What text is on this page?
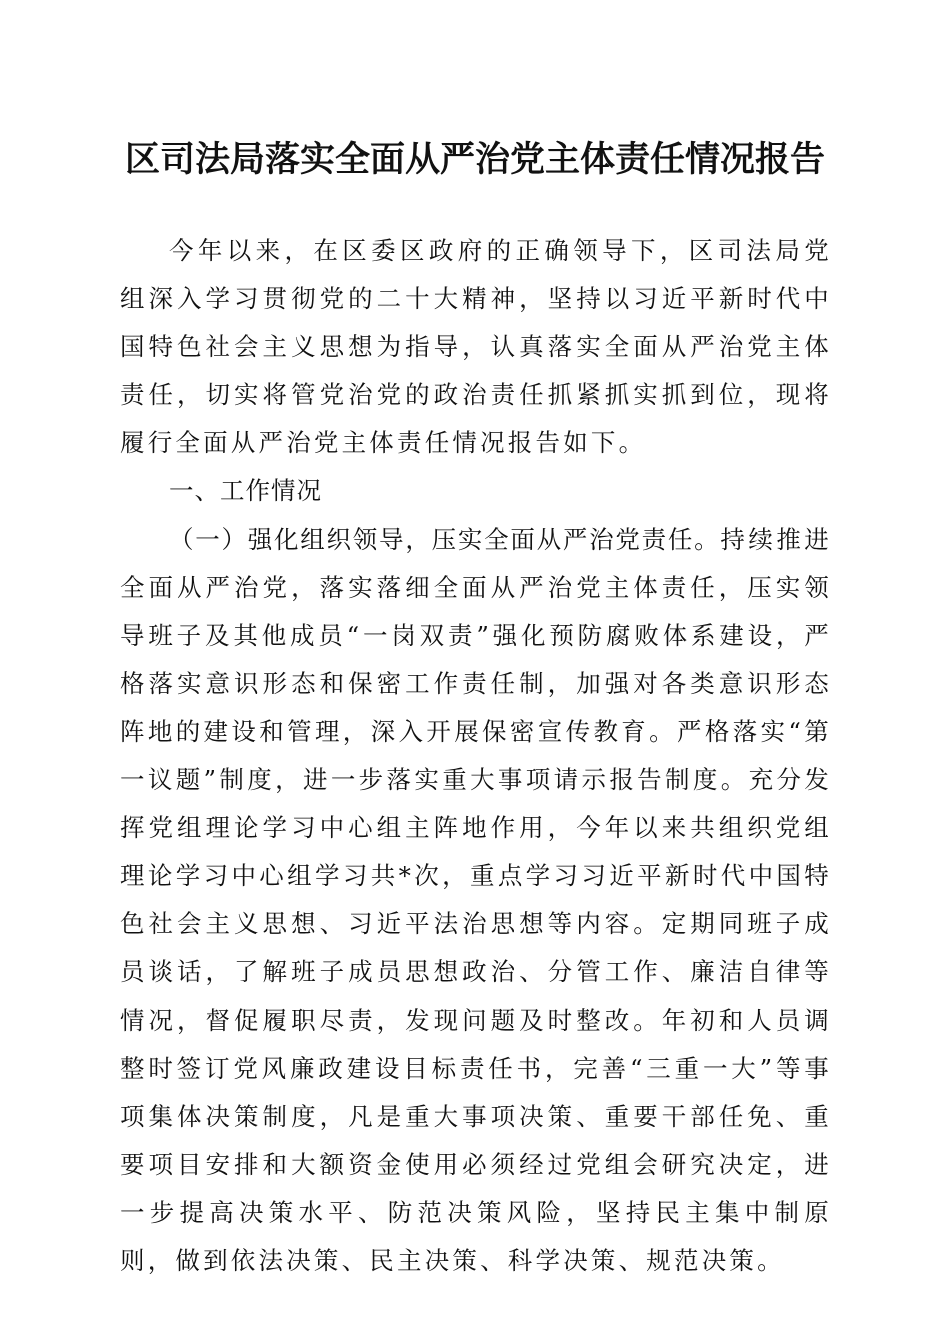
区司法局落实全面从严治党主体责任情况报告

今年以来，在区委区政府的正确领导下，区司法局党组深入学习贯彻党的二十大精神，坚持以习近平新时代中国特色社会主义思想为指导，认真落实全面从严治党主体责任，切实将管党治党的政治责任抓紧抓实抓到位，现将履行全面从严治党主体责任情况报告如下。

一、工作情况

（一）强化组织领导，压实全面从严治党责任。持续推进全面从严治党，落实落细全面从严治党主体责任，压实领导班子及其他成员“一岗双责”强化预防腐败体系建设，严格落实意识形态和保密工作责任制，加强对各类意识形态阵地的建设和管理，深入开展保密宣传教育。严格落实“第一议题”制度，进一步落实重大事项请示报告制度。充分发挥党组理论学习中心组主阵地作用，今年以来共组织党组理论学习中心组学习共*次，重点学习习近平新时代中国特色社会主义思想、习近平法治思想等内容。定期同班子成员谈话，了解班子成员思想政治、分管工作、廉洁自律等情况，督促履职尽责，发现问题及时整改。年初和人员调整时签订党风廉政建设目标责任书，完善“三重一大”等事项集体决策制度，凡是重大事项决策、重要干部任免、重要项目安排和大额资金使用必须经过党组会研究决定，进一步提高决策水平、防范决策风险，坚持民主集中制原则，做到依法决策、民主决策、科学决策、规范决策。
